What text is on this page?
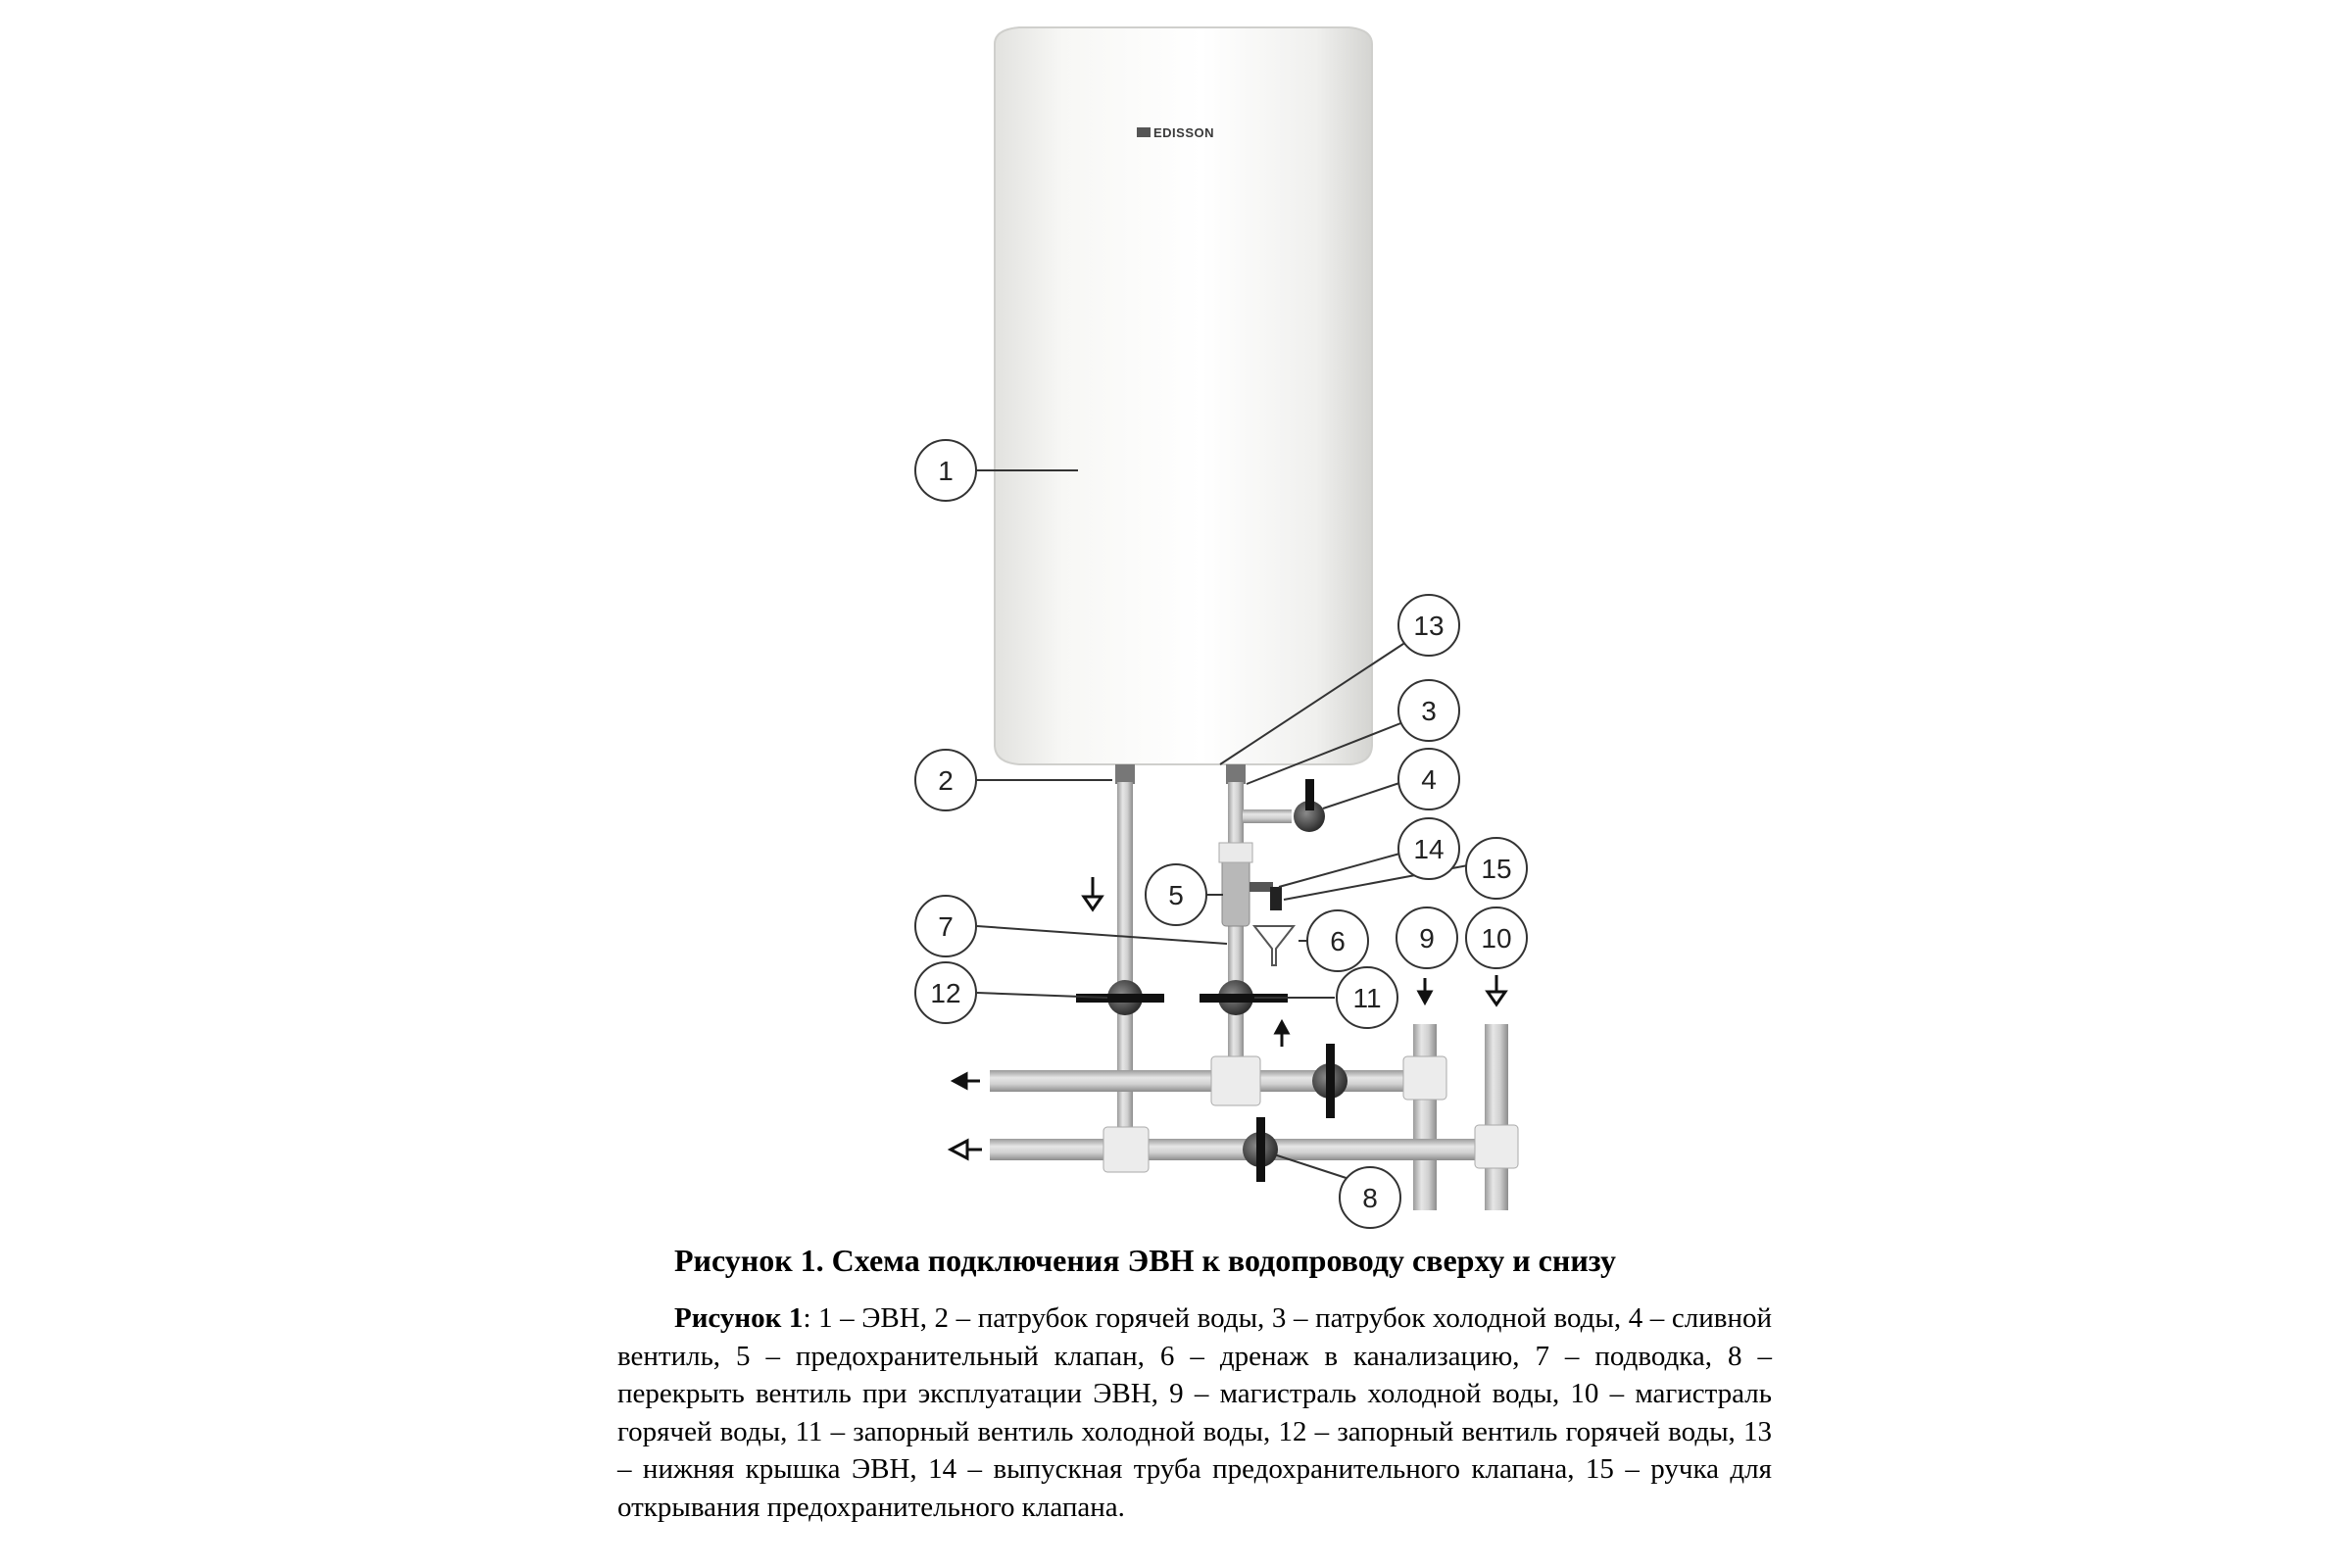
EDISSON
1
2
3
4
5
6
7
8
9 10
11
12
13
14
15
Рисунок 1. Схема подключения ЭВН к водопроводу сверху и снизу
Рисунок 1: 1 – ЭВН, 2 – патрубок горячей воды, 3 – патрубок холодной воды, 4 – сливной вентиль, 5 – предохранительный клапан, 6 – дренаж в канализацию, 7 – подводка, 8 – перекрыть вентиль при эксплуатации ЭВН, 9 – магистраль холодной воды, 10 – магистраль горячей воды, 11 – запорный вентиль холодной воды, 12 – запорный вентиль горячей воды, 13 – нижняя крышка ЭВН, 14 – выпускная труба предохранительного клапана, 15 – ручка для открывания предохранительного клапана.
